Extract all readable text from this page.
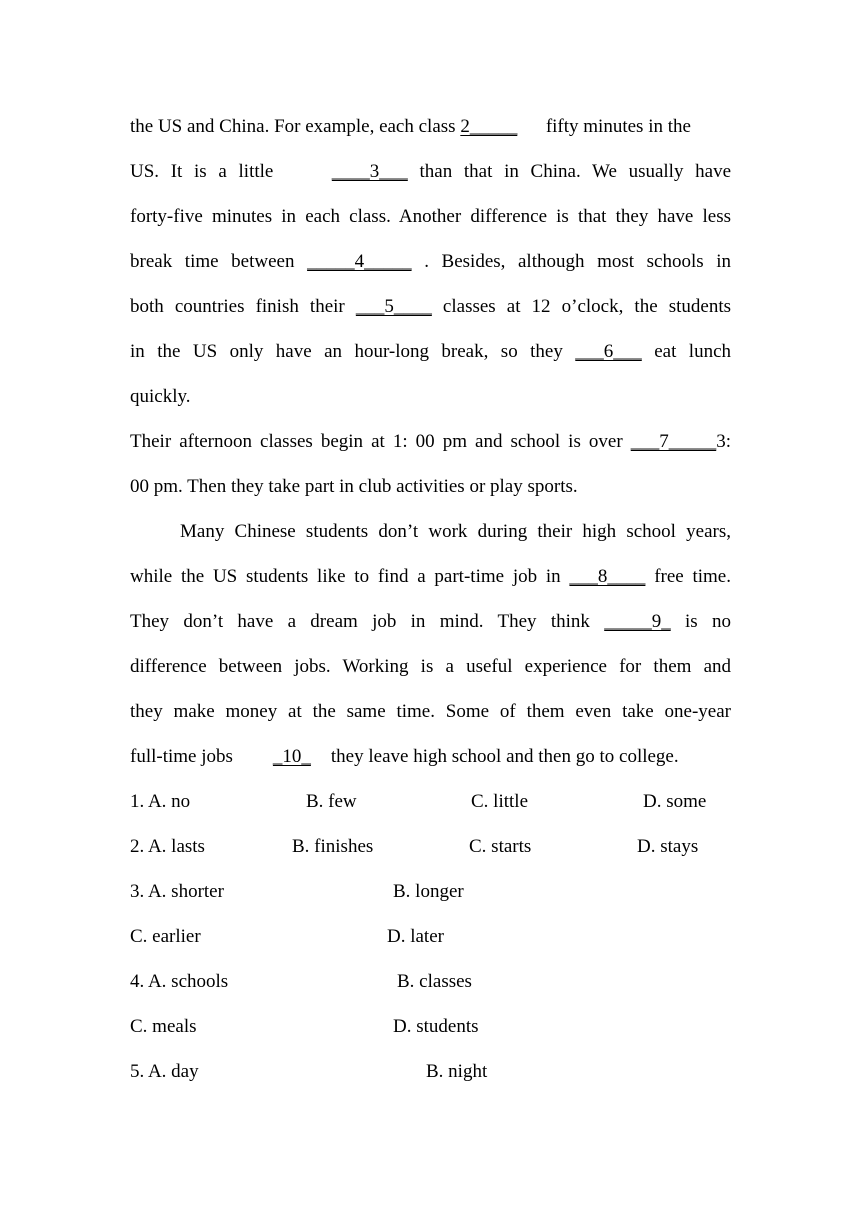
the US and China. For example, each class 2_____      fifty minutes in the
US. It is a little     ____3___ than that in China. We usually have
forty-five minutes in each class. Another difference is that they have less
break time between _____4_____ . Besides, although most schools in
both countries finish their ___5____ classes at 12 o’clock, the students
in the US only have an hour-long break, so they ___6___ eat lunch
quickly.
Their afternoon classes begin at 1: 00 pm and school is over ___7_____3:
00 pm. Then they take part in club activities or play sports.
Many Chinese students don’t work during their high school years,
while the US students like to find a part-time job in ___8____ free time.
They don’t have a dream job in mind. They think _____9_ is no
difference between jobs. Working is a useful experience for them and
they make money at the same time. Some of them even take one-year
full-time jobs _10_ they leave high school and then go to college.
1. A. no	B. few	C. little	D. some
2. A. lasts	B. finishes	C. starts	D. stays
3. A. shorter	B. longer
C. earlier	D. later
4. A. schools	B. classes
C. meals	D. students
5. A. day	B. night
